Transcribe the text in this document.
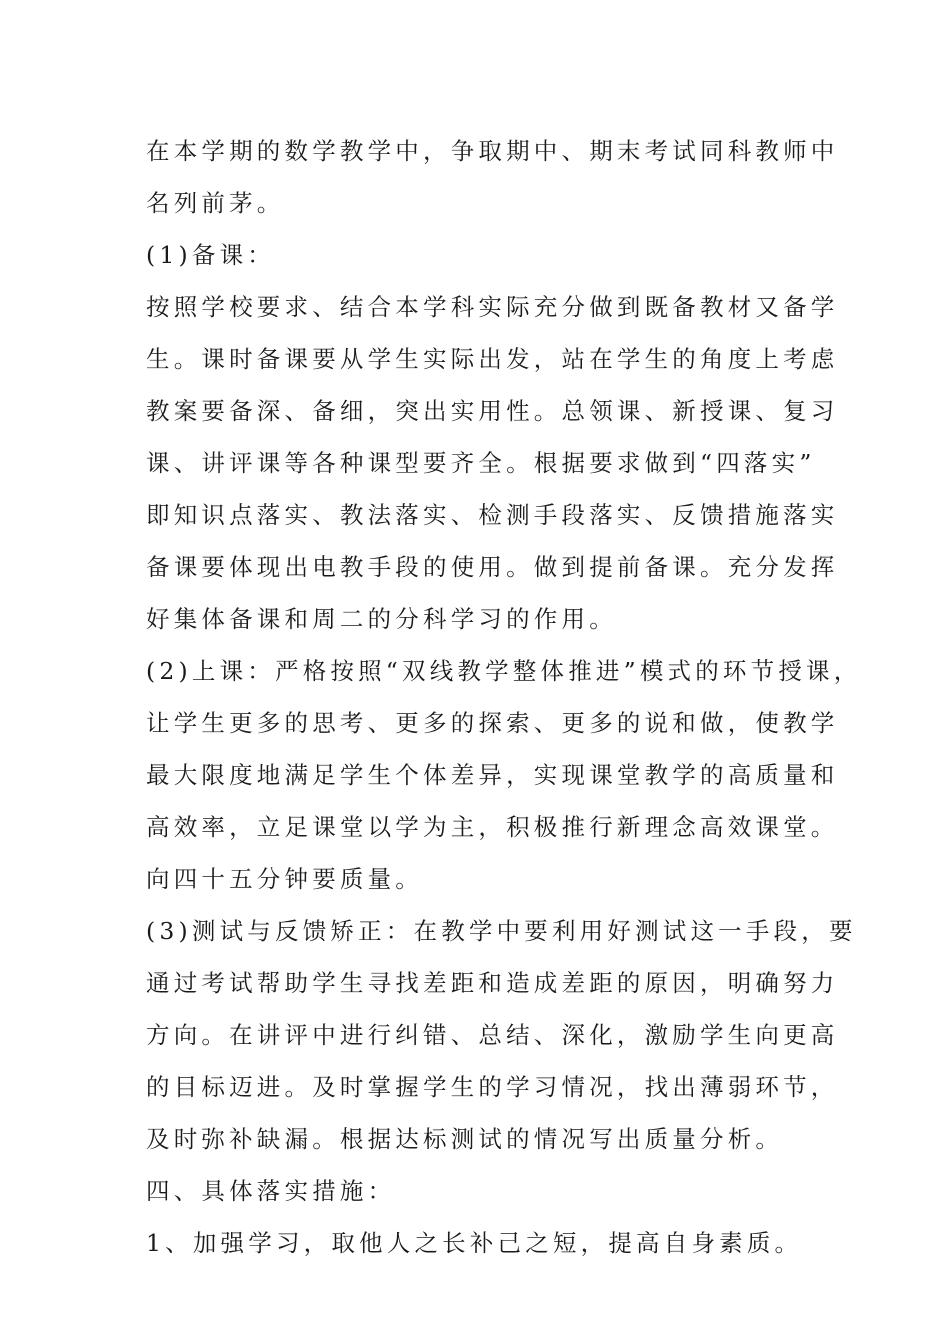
在本学期的数学教学中，争取期中、期末考试同科教师中
名列前茅。
(1)备课：
按照学校要求、结合本学科实际充分做到既备教材又备学
生。课时备课要从学生实际出发，站在学生的角度上考虑
教案要备深、备细，突出实用性。总领课、新授课、复习
课、讲评课等各种课型要齐全。根据要求做到“四落实”
即知识点落实、教法落实、检测手段落实、反馈措施落实
备课要体现出电教手段的使用。做到提前备课。充分发挥
好集体备课和周二的分科学习的作用。
(2)上课：严格按照“双线教学整体推进”模式的环节授课，
让学生更多的思考、更多的探索、更多的说和做，使教学
最大限度地满足学生个体差异，实现课堂教学的高质量和
高效率，立足课堂以学为主，积极推行新理念高效课堂。
向四十五分钟要质量。
(3)测试与反馈矫正：在教学中要利用好测试这一手段，要
通过考试帮助学生寻找差距和造成差距的原因，明确努力
方向。在讲评中进行纠错、总结、深化，激励学生向更高
的目标迈进。及时掌握学生的学习情况，找出薄弱环节，
及时弥补缺漏。根据达标测试的情况写出质量分析。
四、具体落实措施：
1、加强学习，取他人之长补己之短，提高自身素质。
